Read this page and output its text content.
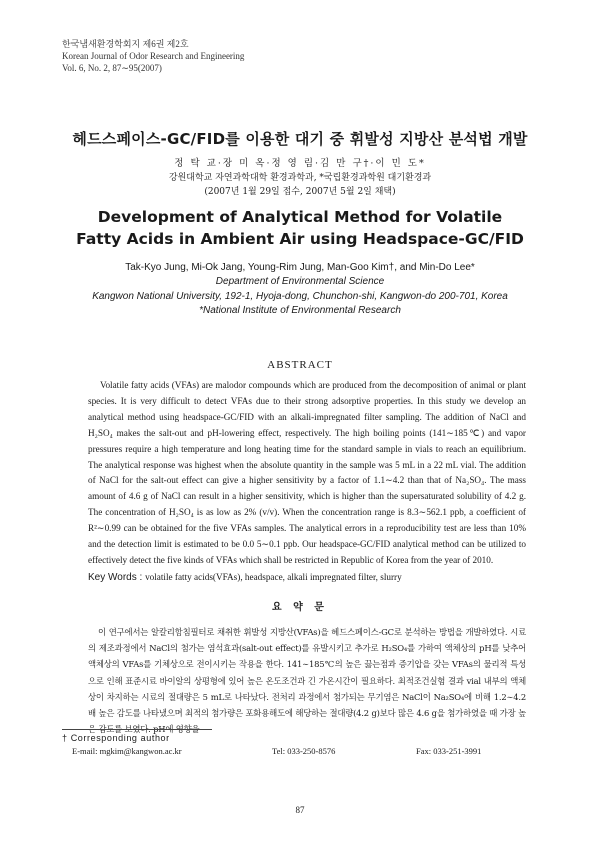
한국냄새환경학회지 제6권 제2호
Korean Journal of Odor Research and Engineering
Vol. 6, No. 2, 87∼95(2007)
헤드스페이스-GC/FID를 이용한 대기 중 휘발성 지방산 분석법 개발
정 탁 교·장 미 옥·정 영 림·김 만 구†·이 민 도*
강원대학교 자연과학대학 환경과학과, *국립환경과학원 대기환경과
(2007년 1월 29일 접수, 2007년 5월 2일 채택)
Development of Analytical Method for Volatile
Fatty Acids in Ambient Air using Headspace-GC/FID
Tak-Kyo Jung, Mi-Ok Jang, Young-Rim Jung, Man-Goo Kim†, and Min-Do Lee*
Department of Environmental Science
Kangwon National University, 192-1, Hyoja-dong, Chunchon-shi, Kangwon-do 200-701, Korea
*National Institute of Environmental Research
ABSTRACT

Volatile fatty acids (VFAs) are malodor compounds which are produced from the decomposition of animal or plant species. It is very difficult to detect VFAs due to their strong adsorptive properties. In this study we develop an analytical method using headspace-GC/FID with an alkali-impregnated filter sampling. The addition of NaCl and H₂SO₄ makes the salt-out and pH-lowering effect, respectively. The high boiling points (141∼185℃) and vapor pressures require a high temperature and long heating time for the standard sample in vials to reach an equilibrium. The analytical response was highest when the absolute quantity in the sample was 5 mL in a 22 mL vial. The addition of NaCl for the salt-out effect can give a higher sensitivity by a factor of 1.1∼4.2 than that of Na₂SO₄. The mass amount of 4.6 g of NaCl can result in a higher sensitivity, which is higher than the supersaturated solubility of 4.2 g. The concentration of H₂SO₄ is as low as 2% (v/v). When the concentration range is 8.3∼562.1 ppb, a coefficient of R²∼0.99 can be obtained for the five VFAs samples. The analytical errors in a reproducibility test are less than 10% and the detection limit is estimated to be 0.0 5∼0.1 ppb. Our headspace-GC/FID analytical method can be utilized to effectively detect the five kinds of VFAs which shall be restricted in Republic of Korea from the year of 2010.

Key Words : volatile fatty acids(VFAs), headspace, alkali impregnated filter, slurry
요 약 문

이 연구에서는 알칼리함침필터로 채취한 휘발성 지방산(VFAs)을 헤드스페이스-GC로 분석하는 방법을 개발하였다. 시료의 제조과정에서 NaCl의 첨가는 염석효과(salt-out effect)를 유발시키고 추가로 H₂SO₄를 가하여 액체상의 pH를 낮추어 액체상의 VFAs를 기체상으로 전이시키는 작용을 한다. 141∼185℃의 높은 끓는점과 증기압을 갖는 VFAs의 물리적 특성으로 인해 표준시료 바이알의 상평형에 있어 높은 온도조건과 긴 가온시간이 필요하다. 최적조건실험 결과 vial 내부의 액체상이 차지하는 시료의 절대량은 5 mL로 나타났다. 전처리 과정에서 첨가되는 무기염은 NaCl이 Na₂SO₄에 비해 1.2∼4.2배 높은 감도를 나타냈으며 최적의 첨가량은 포화용해도에 해당하는 절대량(4.2 g)보다 많은 4.6 g을 첨가하였을 때 가장 높은 감도를 보였다. pH에 영향을

† Corresponding author
E-mail: mgkim@kangwon.ac.kr	Tel: 033-250-8576	Fax: 033-251-3991
87
